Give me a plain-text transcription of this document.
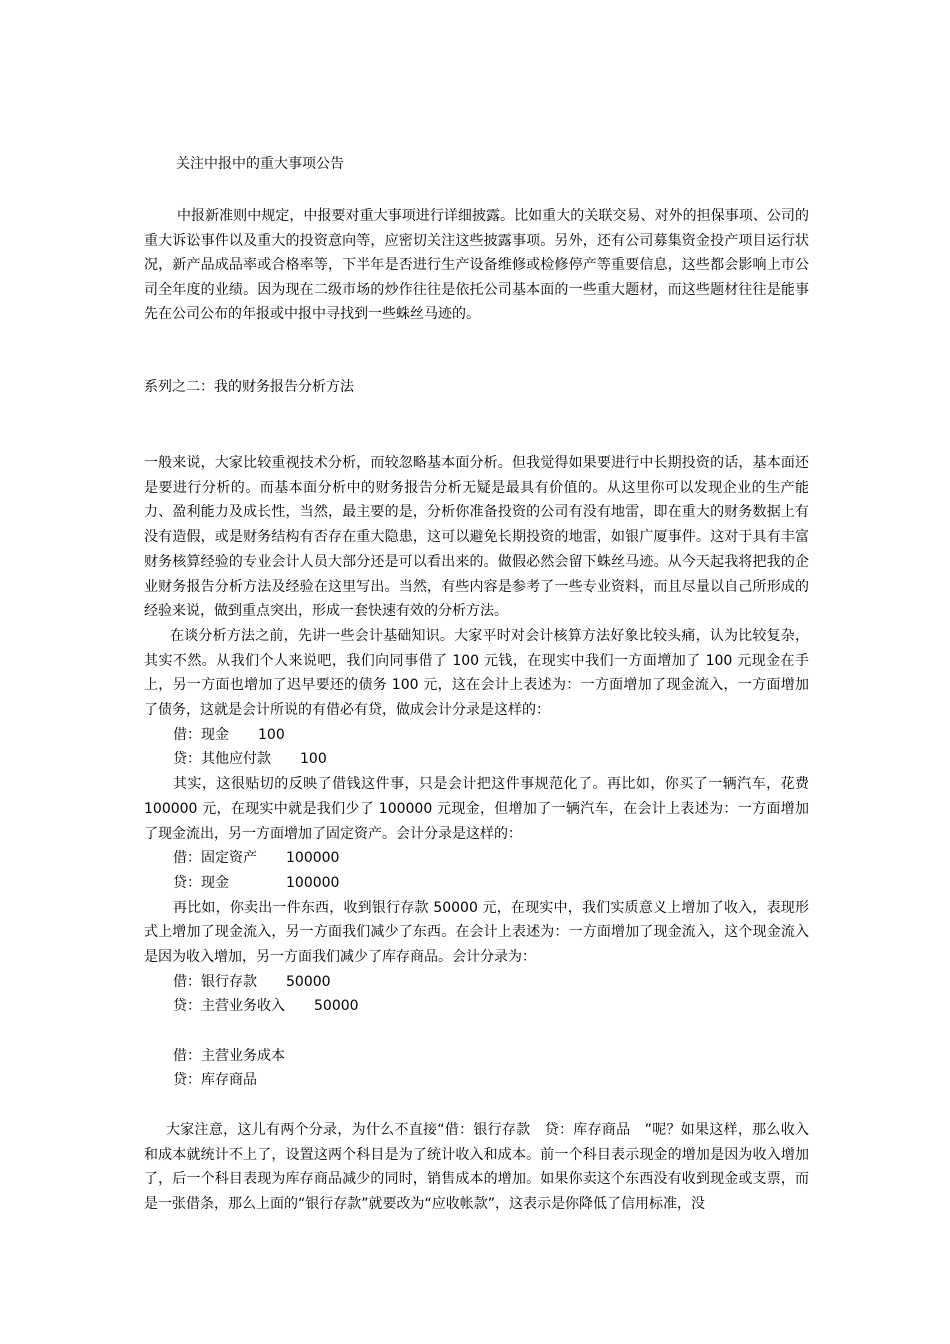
关注中报中的重大事项公告

中报新准则中规定，中报要对重大事项进行详细披露。比如重大的关联交易、对外的担保事项、公司的重大诉讼事件以及重大的投资意向等，应密切关注这些披露事项。另外，还有公司募集资金投产项目运行状况，新产品成品率或合格率等，下半年是否进行生产设备维修或检修停产等重要信息，这些都会影响上市公司全年度的业绩。因为现在二级市场的炒作往往是依托公司基本面的一些重大题材，而这些题材往往是能事先在公司公布的年报或中报中寻找到一些蛛丝马迹的。

系列之二：我的财务报告分析方法

一般来说，大家比较重视技术分析，而较忽略基本面分析。但我觉得如果要进行中长期投资的话，基本面还是要进行分析的。而基本面分析中的财务报告分析无疑是最具有价值的。从这里你可以发现企业的生产能力、盈利能力及成长性，当然，最主要的是，分析你准备投资的公司有没有地雷，即在重大的财务数据上有没有造假，或是财务结构有否存在重大隐患，这可以避免长期投资的地雷，如银广厦事件。这对于具有丰富财务核算经验的专业会计人员大部分还是可以看出来的。做假必然会留下蛛丝马迹。从今天起我将把我的企业财务报告分析方法及经验在这里写出。当然，有些内容是参考了一些专业资料，而且尽量以自己所形成的经验来说，做到重点突出，形成一套快速有效的分析方法。
在谈分析方法之前，先讲一些会计基础知识。大家平时对会计核算方法好象比较头痛，认为比较复杂，其实不然。从我们个人来说吧，我们向同事借了 100 元钱，在现实中我们一方面增加了 100 元现金在手上，另一方面也增加了迟早要还的债务 100 元，这在会计上表述为：一方面增加了现金流入，一方面增加了债务，这就是会计所说的有借必有贷，做成会计分录是这样的：
借：现金 100
贷：其他应付款 100
其实，这很贴切的反映了借钱这件事，只是会计把这件事规范化了。再比如，你买了一辆汽车，花费 100000 元，在现实中就是我们少了 100000 元现金，但增加了一辆汽车，在会计上表述为：一方面增加了现金流出，另一方面增加了固定资产。会计分录是这样的：
借：固定资产 100000
贷：现金	100000
再比如，你卖出一件东西，收到银行存款 50000 元，在现实中，我们实质意义上增加了收入，表现形式上增加了现金流入，另一方面我们减少了东西。在会计上表述为：一方面增加了现金流入，这个现金流入是因为收入增加，另一方面我们减少了库存商品。会计分录为：
借：银行存款 50000
贷：主营业务收入 50000
借：主营业务成本
贷：库存商品
大家注意，这儿有两个分录，为什么不直接“借：银行存款　贷：库存商品　”呢？如果这样，那么收入和成本就统计不上了，设置这两个科目是为了统计收入和成本。前一个科目表示现金的增加是因为收入增加了，后一个科目表现为库存商品减少的同时，销售成本的增加。如果你卖这个东西没有收到现金或支票，而是一张借条，那么上面的“银行存款”就要改为“应收帐款”，这表示是你降低了信用标准，没
